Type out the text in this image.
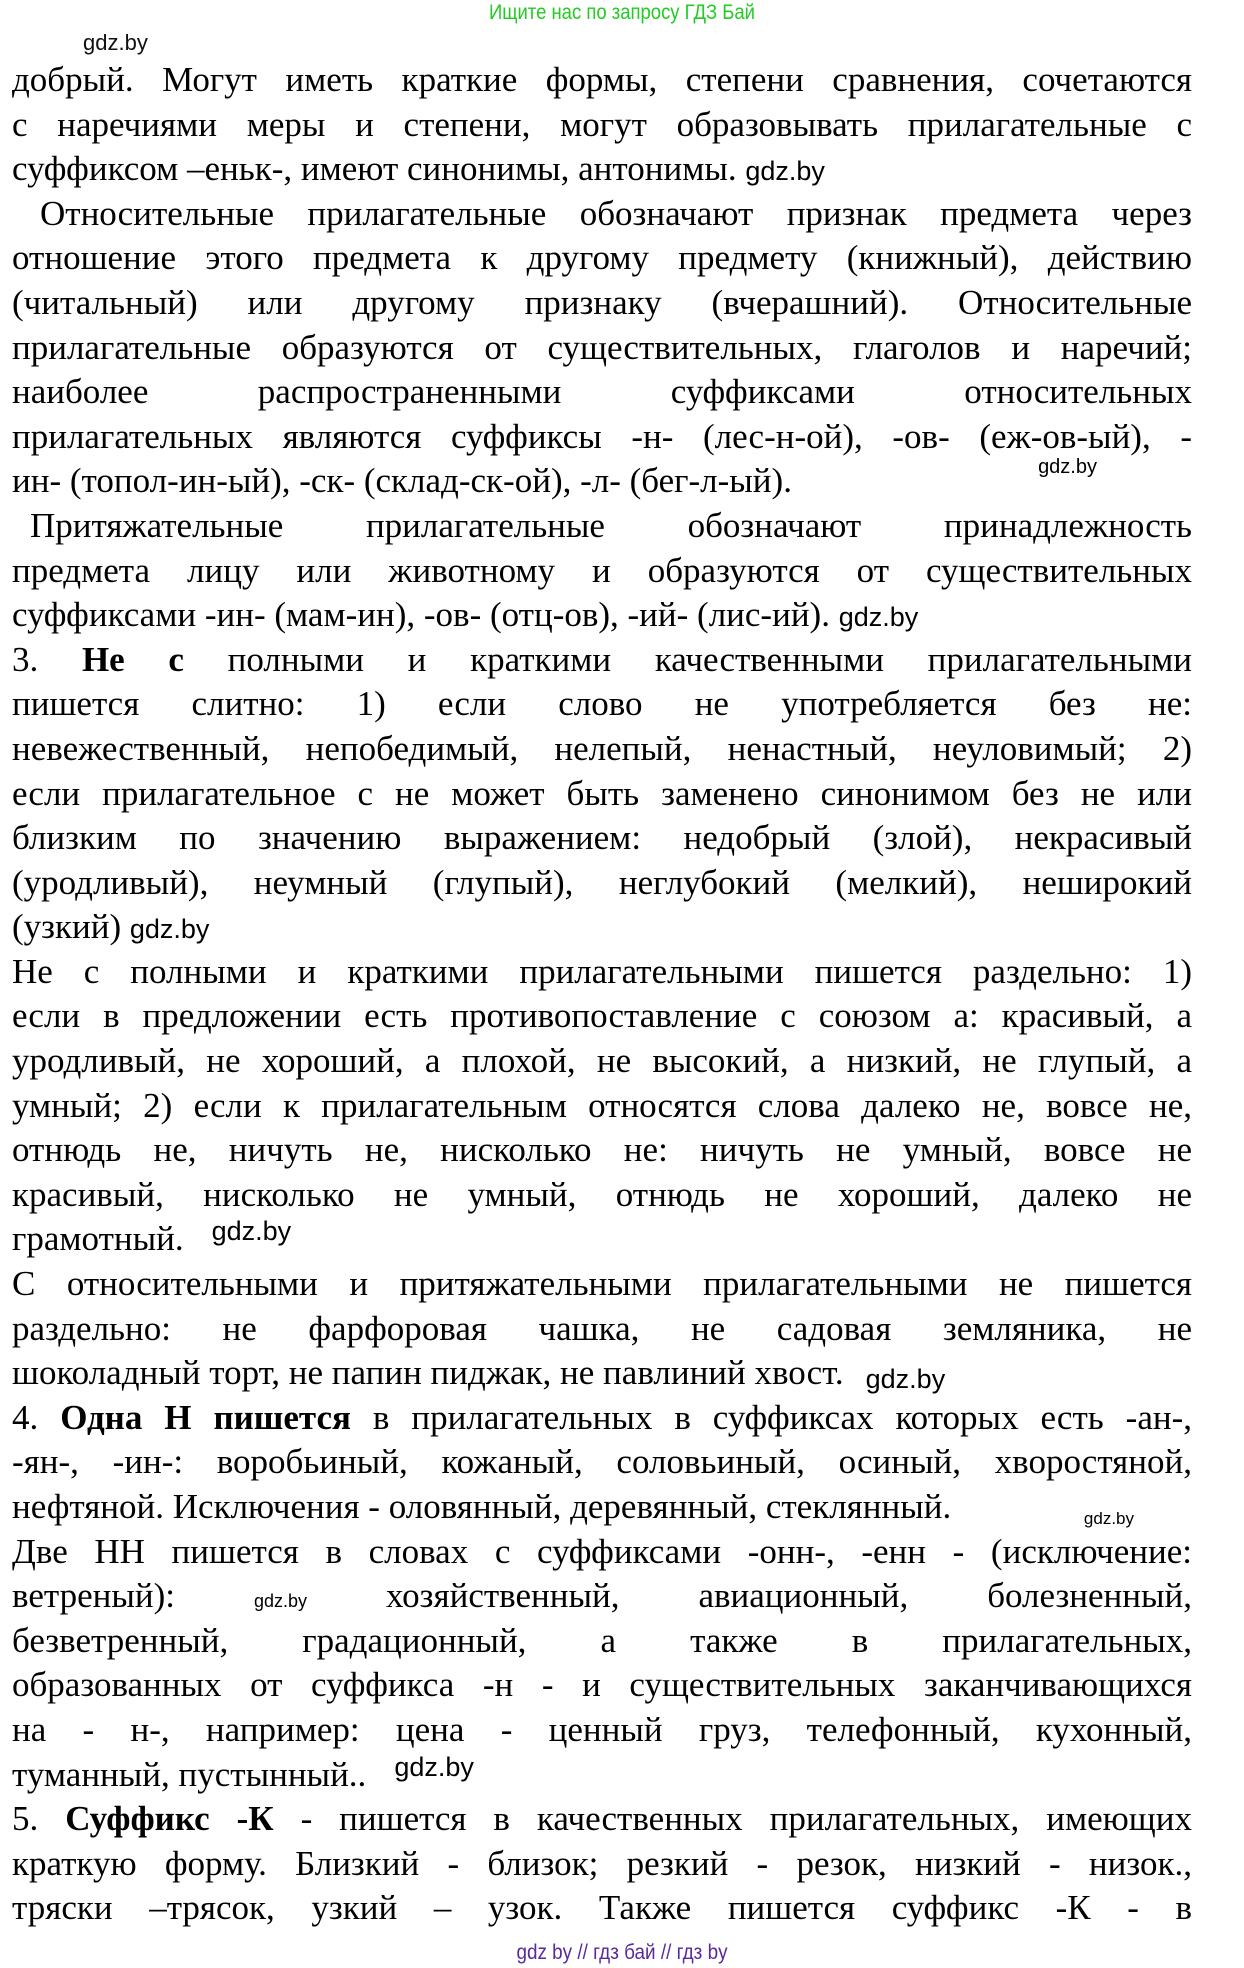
Ищите нас по запросу ГДЗ Бай
gdz.by
добрый. Могут иметь краткие формы, степени сравнения, сочетаются
с наречиями меры и степени, могут образовывать прилагательные с
суффиксом –еньк-, имеют синонимы, антонимы. gdz.by
Относительные прилагательные обозначают признак предмета через
отношение этого предмета к другому предмету (книжный), действию
(читальный) или другому признаку (вчерашний). Относительные
прилагательные образуются от существительных, глаголов и наречий;
наиболее распространенными суффиксами относительных
прилагательных являются суффиксы -н- (лес-н-ой), -ов- (еж-ов-ый), -
ин- (топол-ин-ый), -ск- (склад-ск-ой), -л- (бег-л-ый).	gdz.by
Притяжательные прилагательные обозначают принадлежность
предмета лицу или животному и образуются от существительных
суффиксами -ин- (мам-ин), -ов- (отц-ов), -ий- (лис-ий). gdz.by
3. Не с полными и краткими качественными прилагательными
пишется слитно: 1) если слово не употребляется без не:
невежественный, непобедимый, нелепый, ненастный, неуловимый; 2)
если прилагательное с не может быть заменено синонимом без не или
близким по значению выражением: недобрый (злой), некрасивый
(уродливый), неумный (глупый), неглубокий (мелкий), неширокий
(узкий) gdz.by
Не с полными и краткими прилагательными пишется раздельно: 1)
если в предложении есть противопоставление с союзом а: красивый, а
уродливый, не хороший, а плохой, не высокий, а низкий, не глупый, а
умный; 2) если к прилагательным относятся слова далеко не, вовсе не,
отнюдь не, ничуть не, нисколько не: ничуть не умный, вовсе не
красивый, нисколько не умный, отнюдь не хороший, далеко не
грамотный. $^{gdz.by}$
С относительными и притяжательными прилагательными не пишется
раздельно: не фарфоровая чашка, не садовая земляника, не
шоколадный торт, не папин пиджак, не павлиний хвост. gdz.by
4. Одна Н пишется в прилагательных в суффиксах которых есть -ан-,
-ян-, -ин-: воробьиный, кожаный, соловьиный, осиный, хворостяной,
нефтяной. Исключения - оловянный, деревянный, стеклянный.	gdz.by
Две НН пишется в словах с суффиксами -онн-, -енн - (исключение:
ветреный): gdz.by хозяйственный, авиационный, болезненный,
безветренный, градационный, а также в прилагательных,
образованных от суффикса -н - и существительных заканчивающихся
на - н-, например: цена - ценный груз, телефонный, кухонный,
туманный, пустынный.. $^{gdz.by}$
5. Суффикс -К - пишется в качественных прилагательных, имеющих
краткую форму. Близкий - близок; резкий - резок, низкий - низок.,
тряски –трясок, узкий – узок. Также пишется суффикс -К - в
gdz by // гдз бай // гдз by
